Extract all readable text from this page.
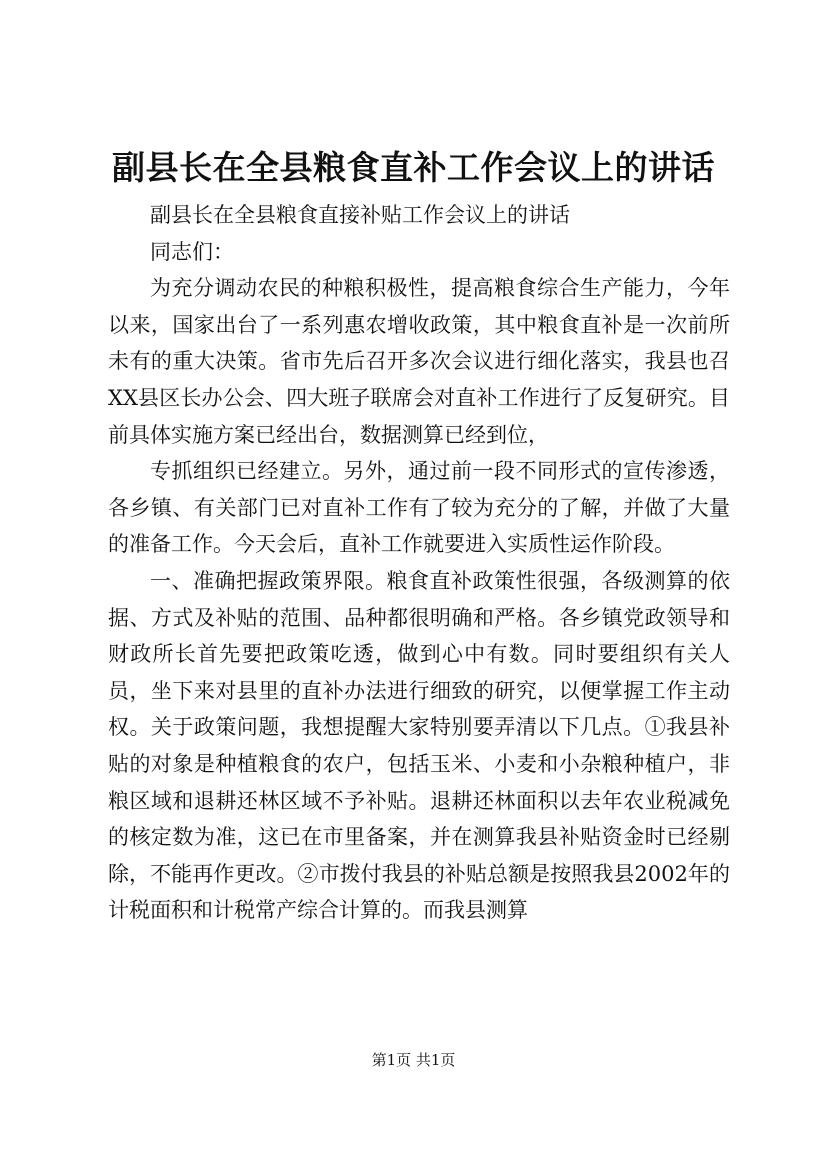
副县长在全县粮食直补工作会议上的讲话

副县长在全县粮食直接补贴工作会议上的讲话

同志们：

为充分调动农民的种粮积极性，提高粮食综合生产能力，今年以来，国家出台了一系列惠农增收政策，其中粮食直补是一次前所未有的重大决策。省市先后召开多次会议进行细化落实，我县也召XX县区长办公会、四大班子联席会对直补工作进行了反复研究。目前具体实施方案已经出台，数据测算已经到位，

专抓组织已经建立。另外，通过前一段不同形式的宣传渗透，各乡镇、有关部门已对直补工作有了较为充分的了解，并做了大量的准备工作。今天会后，直补工作就要进入实质性运作阶段。

一、准确把握政策界限。粮食直补政策性很强，各级测算的依据、方式及补贴的范围、品种都很明确和严格。各乡镇党政领导和财政所长首先要把政策吃透，做到心中有数。同时要组织有关人员，坐下来对县里的直补办法进行细致的研究，以便掌握工作主动权。关于政策问题，我想提醒大家特别要弄清以下几点。①我县补贴的对象是种植粮食的农户，包括玉米、小麦和小杂粮种植户，非粮区域和退耕还林区域不予补贴。退耕还林面积以去年农业税减免的核定数为准，这已在市里备案，并在测算我县补贴资金时已经剔除，不能再作更改。②市拨付我县的补贴总额是按照我县2002年的计税面积和计税常产综合计算的。而我县测算

第1页 共1页
